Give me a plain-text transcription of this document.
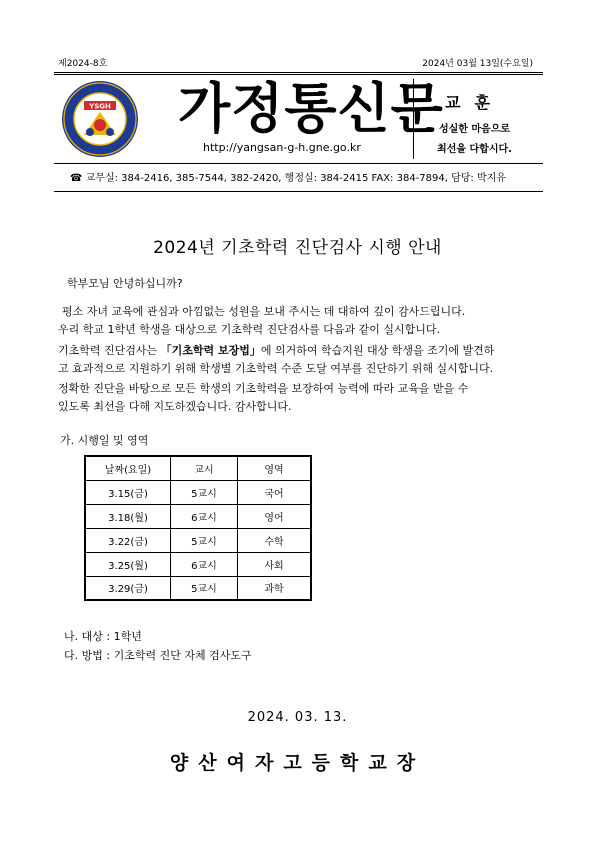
제2024-8호	2024년 03월 13일(수요일)
YSGH 가정통신문
http://yangsan-g-h.gne.go.kr
교훈
성실한 마음으로
최선을 다합시다.
☎ 교무실: 384-2416, 385-7544, 382-2420, 행정실: 384-2415 FAX: 384-7894, 담당: 박지유
2024년 기초학력 진단검사 시행 안내
학부모님 안녕하십니까?
평소 자녀 교육에 관심과 아낌없는 성원을 보내 주시는 데 대하여 깊이 감사드립니다.
우리 학교 1학년 학생을 대상으로 기초학력 진단검사를 다음과 같이 실시합니다.
기초학력 진단검사는 「기초학력 보장법」에 의거하여 학습지원 대상 학생을 조기에 발견하
고 효과적으로 지원하기 위해 학생별 기초학력 수준 도달 여부를 진단하기 위해 실시합니다.
정확한 진단을 바탕으로 모든 학생의 기초학력을 보장하여 능력에 따라 교육을 받을 수
있도록 최선을 다해 지도하겠습니다. 감사합니다.
가. 시행일 및 영역
날짜(요일)	교시	영역
3.15(금)	5교시	국어
3.18(월)	6교시	영어
3.22(금)	5교시	수학
3.25(월)	6교시	사회
3.29(금)	5교시	과학
나. 대상 : 1학년
다. 방법 : 기초학력 진단 자체 검사도구
2024. 03. 13.
양산여자고등학교장
